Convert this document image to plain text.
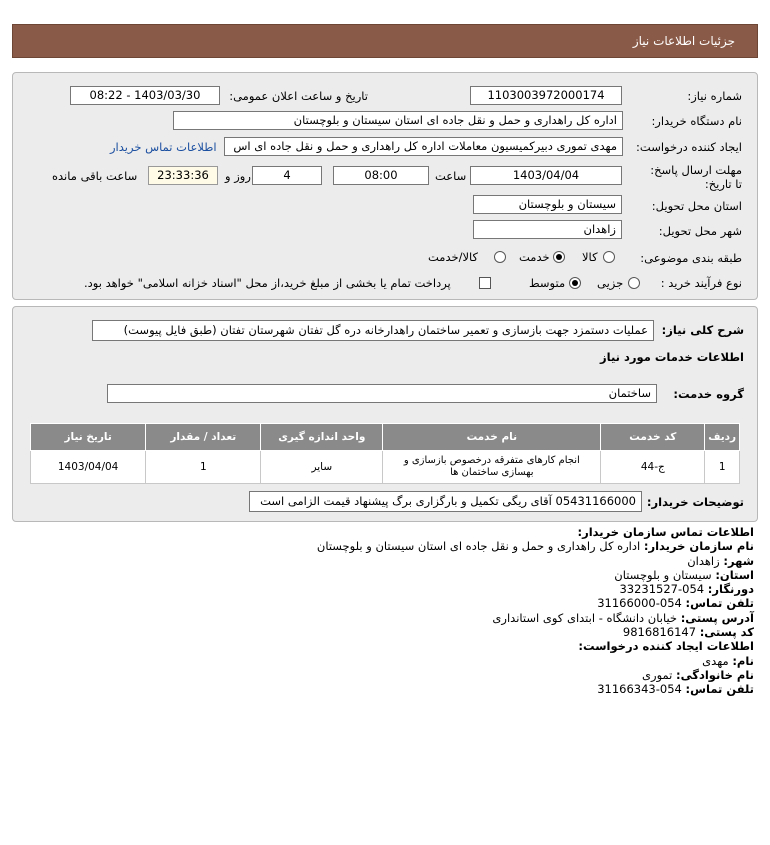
جزئیات اطلاعات نیاز
شماره نیاز:
1103003972000174
تاریخ و ساعت اعلان عمومی:
1403/03/30 - 08:22
نام دستگاه خریدار:
اداره کل راهداری و حمل و نقل جاده ای استان سیستان و بلوچستان
ایجاد کننده درخواست:
مهدی تموری دبیرکمیسیون معاملات اداره کل راهداری و حمل و نقل جاده ای اس
اطلاعات تماس خریدار
مهلت ارسال پاسخ: تا تاریخ:
1403/04/04
ساعت
08:00
4
روز و
23:33:36
ساعت باقی مانده
استان محل تحویل:
سیستان و بلوچستان
شهر محل تحویل:
زاهدان
طبقه بندی موضوعی:
کالا
خدمت
کالا/خدمت
نوع فرآیند خرید :
جزیی
متوسط
پرداخت تمام یا بخشی از مبلغ خرید،از محل "اسناد خزانه اسلامی" خواهد بود.
شرح کلی نیاز:
عملیات دستمزد جهت بازسازی و تعمیر ساختمان راهدارخانه دره گل تفتان شهرستان تفتان (طبق فایل پیوست)
اطلاعات خدمات مورد نیاز
گروه خدمت:
ساختمان
ردیف	کد خدمت	نام خدمت	واحد اندازه گیری	تعداد / مقدار	تاریخ نیاز
1	ج-44	انجام کارهای متفرقه درخصوص بازسازی و بهسازی ساختمان ها	سایر	1	1403/04/04
توضیحات خریدار:
05431166000 آقای ریگی تکمیل و بارگزاری برگ پیشنهاد قیمت الزامی است
اطلاعات تماس سازمان خریدار:
نام سازمان خریدار: اداره کل راهداری و حمل و نقل جاده ای استان سیستان و بلوچستان
شهر: زاهدان
استان: سیستان و بلوچستان
دورنگار: 054-33231527
تلفن تماس: 054-31166000
آدرس پستی: خیابان دانشگاه - ابتدای کوی استانداری
کد پستی: 9816816147
اطلاعات ایجاد کننده درخواست:
نام: مهدی
نام خانوادگی: تموری
تلفن تماس: 054-31166343
